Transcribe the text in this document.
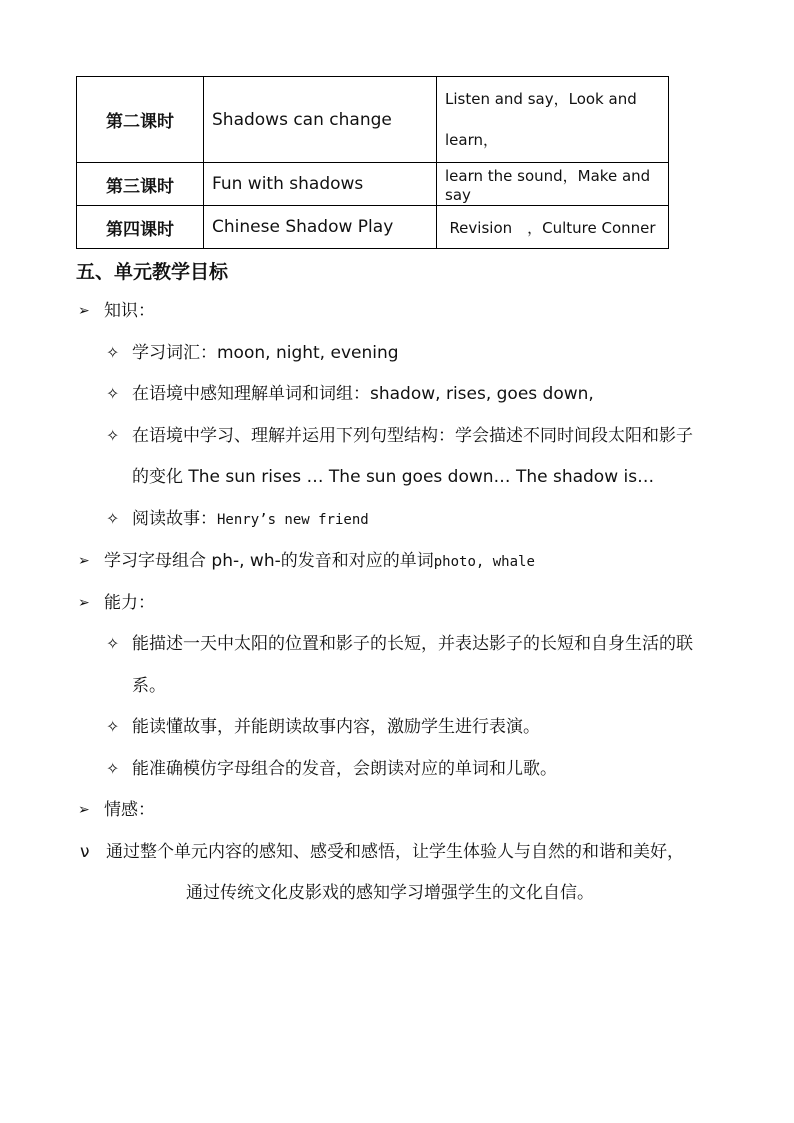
第二课时	Shadows can change	Listen and say，Look and
learn，

第三课时	Fun with shadows	learn the sound，Make and say
第四课时	Chinese Shadow Play	Revision　，Culture Conner
五、单元教学目标
➢ 知识：
✧ 学习词汇：moon, night, evening
✧ 在语境中感知理解单词和词组：shadow, rises, goes down,
✧ 在语境中学习、理解并运用下列句型结构：学会描述不同时间段太阳和影子
的变化 The sun rises … The sun goes down… The shadow is…
✧ 阅读故事：Henry’s new friend
➢ 学习字母组合 ph-, wh-的发音和对应的单词photo, whale
➢ 能力：
✧ 能描述一天中太阳的位置和影子的长短，并表达影子的长短和自身生活的联
系。
✧ 能读懂故事，并能朗读故事内容，激励学生进行表演。
✧ 能准确模仿字母组合的发音，会朗读对应的单词和儿歌。
➢ 情感：
ν 通过整个单元内容的感知、感受和感悟，让学生体验人与自然的和谐和美好，
通过传统文化皮影戏的感知学习增强学生的文化自信。
